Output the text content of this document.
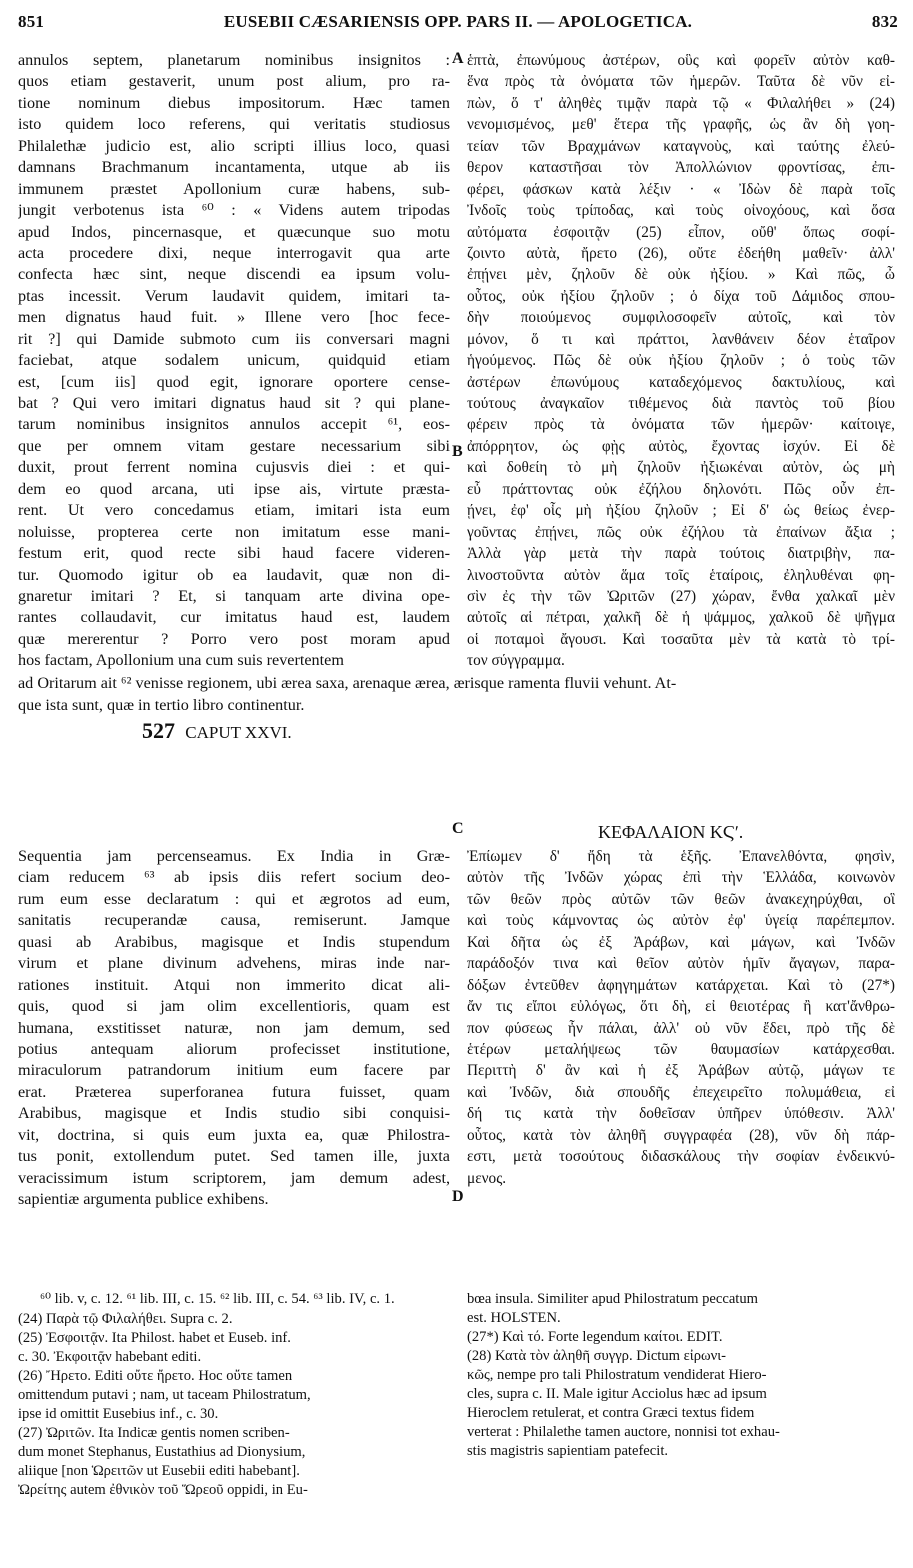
851	EUSEBII CÆSARIENSIS OPP. PARS II. — APOLOGETICA.	832
A
B
C
D
annulos septem, planetarum nominibus insignitos :
quos etiam gestaverit, unum post alium, pro ra-
tione nominum diebus impositorum. Hæc tamen
isto quidem loco referens, qui veritatis studiosus
Philalethæ judicio est, alio scripti illius loco, quasi
damnans Brachmanum incantamenta, utque ab iis
immunem præstet Apollonium curæ habens, sub-
jungit verbotenus ista ⁶⁰ : « Videns autem tripodas
apud Indos, pincernasque, et quæcunque suo motu
acta procedere dixi, neque interrogavit qua arte
confecta hæc sint, neque discendi ea ipsum volu-
ptas incessit. Verum laudavit quidem, imitari ta-
men dignatus haud fuit. » Illene vero [hoc fece-
rit ?] qui Damide submoto cum iis conversari magni
faciebat, atque sodalem unicum, quidquid etiam
est, [cum iis] quod egit, ignorare oportere cense-
bat ? Qui vero imitari dignatus haud sit ? qui plane-
tarum nominibus insignitos annulos accepit ⁶¹, eos-
que per omnem vitam gestare necessarium sibi
duxit, prout ferrent nomina cujusvis diei : et qui-
dem eo quod arcana, uti ipse ais, virtute præsta-
rent. Ut vero concedamus etiam, imitari ista eum
noluisse, propterea certe non imitatum esse mani-
festum erit, quod recte sibi haud facere videren-
tur. Quomodo igitur ob ea laudavit, quæ non di-
gnaretur imitari ? Et, si tanquam arte divina ope-
rantes collaudavit, cur imitatus haud est, laudem
quæ mererentur ? Porro vero post moram apud
hos factam, Apollonium una cum suis revertentem
ἑπτὰ, ἐπωνύμους ἀστέρων, οὓς καὶ φορεῖν αὐτὸν καθ-
ἕνα πρὸς τὰ ὀνόματα τῶν ἡμερῶν. Ταῦτα δὲ νῦν εἰ-
πὼν, ὅ τ' ἀληθὲς τιμᾷν παρὰ τῷ « Φιλαλήθει » (24)
νενομισμένος, μεθ' ἕτερα τῆς γραφῆς, ὡς ἂν δὴ γοη-
τείαν τῶν Βραχμάνων καταγνοὺς, καὶ ταύτης ἐλεύ-
θερον καταστῆσαι τὸν Ἀπολλώνιον φροντίσας, ἐπι-
φέρει, φάσκων κατὰ λέξιν · « Ἰδὼν δὲ παρὰ τοῖς
Ἰνδοῖς τοὺς τρίποδας, καὶ τοὺς οἰνοχόους, καὶ ὅσα
αὐτόματα ἐσφοιτᾷν (25) εἶπον, οὔθ' ὅπως σοφί-
ζοιντο αὐτὰ, ἤρετο (26), οὔτε ἐδεήθη μαθεῖν· ἀλλ'
ἐπῄνει μὲν, ζηλοῦν δὲ οὐκ ἠξίου. » Καὶ πῶς, ὦ
οὗτος, οὐκ ἠξίου ζηλοῦν ; ὁ δίχα τοῦ Δάμιδος σπου-
δὴν ποιούμενος συμφιλοσοφεῖν αὐτοῖς, καὶ τὸν
μόνον, ὅ τι καὶ πράττοι, λανθάνειν δέον ἑταῖρον
ἡγούμενος. Πῶς δὲ οὐκ ἠξίου ζηλοῦν ; ὁ τοὺς τῶν
ἀστέρων ἐπωνύμους καταδεχόμενος δακτυλίους, καὶ
τούτους ἀναγκαῖον τιθέμενος διὰ παντὸς τοῦ βίου
φέρειν πρὸς τὰ ὀνόματα τῶν ἡμερῶν· καίτοιγε,
ἀπόρρητον, ὡς φῂς αὐτὸς, ἔχοντας ἰσχύν. Εἰ δὲ
καὶ δοθείη τὸ μὴ ζηλοῦν ἠξιωκέναι αὐτὸν, ὡς μὴ
εὖ πράττοντας οὐκ ἐζήλου δηλονότι. Πῶς οὖν ἐπ-
ῄνει, ἐφ' οἷς μὴ ἠξίου ζηλοῦν ; Εἰ δ' ὡς θείως ἐνερ-
γοῦντας ἐπῄνει, πῶς οὐκ ἐζήλου τὰ ἐπαίνων ἄξια ;
Ἀλλὰ γὰρ μετὰ τὴν παρὰ τούτοις διατριβὴν, πα-
λινοστοῦντα αὐτὸν ἅμα τοῖς ἑταίροις, ἐληλυθέναι φη-
σὶν ἐς τὴν τῶν Ὠριτῶν (27) χώραν, ἔνθα χαλκαῖ μὲν
αὐτοῖς αἱ πέτραι, χαλκῆ δὲ ἡ ψάμμος, χαλκοῦ δὲ ψῆγμα
οἱ ποταμοὶ ἄγουσι. Καὶ τοσαῦτα μὲν τὰ κατὰ τὸ τρί-
τον σύγγραμμα.
ad Oritarum ait ⁶² venisse regionem, ubi ærea saxa, arenaque ærea, ærisque ramenta fluvii vehunt. At-
que ista sunt, quæ in tertio libro continentur.
527 CAPUT XXVI.
ΚΕΦΑΛΑΙΟΝ ΚϚʹ.
Sequentia jam percenseamus. Ex India in Græ-
ciam reducem ⁶³ ab ipsis diis refert socium deo-
rum eum esse declaratum : qui et ægrotos ad eum,
sanitatis recuperandæ causa, remiserunt. Jamque
quasi ab Arabibus, magisque et Indis stupendum
virum et plane divinum advehens, miras inde nar-
rationes instituit. Atqui non immerito dicat ali-
quis, quod si jam olim excellentioris, quam est
humana, exstitisset naturæ, non jam demum, sed
potius antequam aliorum profecisset institutione,
miraculorum patrandorum initium eum facere par
erat. Præterea superforanea futura fuisset, quam
Arabibus, magisque et Indis studio sibi conquisi-
vit, doctrina, si quis eum juxta ea, quæ Philostra-
tus ponit, extollendum putet. Sed tamen ille, juxta
veracissimum istum scriptorem, jam demum adest,
sapientiæ argumenta publice exhibens.
Ἐπίωμεν δ' ἤδη τὰ ἑξῆς. Ἐπανελθόντα, φησὶν,
αὐτὸν τῆς Ἰνδῶν χώρας ἐπὶ τὴν Ἑλλάδα, κοινωνὸν
τῶν θεῶν πρὸς αὐτῶν τῶν θεῶν ἀνακεχηρύχθαι, οἳ
καὶ τοὺς κάμνοντας ὡς αὐτὸν ἐφ' ὑγείᾳ παρέπεμπον.
Καὶ δῆτα ὡς ἐξ Ἀράβων, καὶ μάγων, καὶ Ἰνδῶν
παράδοξόν τινα καὶ θεῖον αὐτὸν ἡμῖν ἄγαγων, παρα-
δόξων ἐντεῦθεν ἀφηγημάτων κατάρχεται. Καὶ τὸ (27*)
ἄν τις εἴποι εὐλόγως, ὅτι δὴ, εἰ θειοτέρας ἢ κατ'ἄνθρω-
πον φύσεως ἦν πάλαι, ἀλλ' οὐ νῦν ἔδει, πρὸ τῆς δὲ
ἑτέρων μεταλήψεως τῶν θαυμασίων κατάρχεσθαι.
Περιττὴ δ' ἂν καὶ ἡ ἐξ Ἀράβων αὐτῷ, μάγων τε
καὶ Ἰνδῶν, διὰ σπουδῆς ἐπεχειρεῖτο πολυμάθεια, εἰ
δή τις κατὰ τὴν δοθεῖσαν ὑπῆρεν ὑπόθεσιν. Ἀλλ'
οὗτος, κατὰ τὸν ἀληθῆ συγγραφέα (28), νῦν δὴ πάρ-
εστι, μετὰ τοσούτους διδασκάλους τὴν σοφίαν ἐνδεικνύ-
μενος.
⁶⁰ lib. v, c. 12. ⁶¹ lib. III, c. 15. ⁶² lib. III, c. 54. ⁶³ lib. IV, c. 1.
(24) Παρὰ τῷ Φιλαλήθει. Supra c. 2.
(25) Ἐσφοιτᾷν. Ita Philost. habet et Euseb. inf.
c. 30. Ἐκφοιτᾷν habebant editi.
(26) Ἤρετο. Editi οὔτε ἤρετο. Hoc οὔτε tamen
omittendum putavi ; nam, ut taceam Philostratum,
ipse id omittit Eusebius inf., c. 30.
(27) Ὠριτῶν. Ita Indicæ gentis nomen scriben-
dum monet Stephanus, Eustathius ad Dionysium,
aliique [non Ὡρειτῶν ut Eusebii editi habebant].
Ὠρείτης autem ἐθνικὸν τοῦ Ὥρεοῦ oppidi, in Eu-
bœa insula. Similiter apud Philostratum peccatum
est. HOLSTEN.
(27*) Καὶ τό. Forte legendum καίτοι. EDIT.
(28) Κατὰ τὸν ἀληθῆ συγγρ. Dictum εἰρωνι-
κῶς, nempe pro tali Philostratum vendiderat Hiero-
cles, supra c. II. Male igitur Acciolus hæc ad ipsum
Hieroclem retulerat, et contra Græci textus fidem
verterat : Philalethe tamen auctore, nonnisi tot exhau-
stis magistris sapientiam patefecit.
